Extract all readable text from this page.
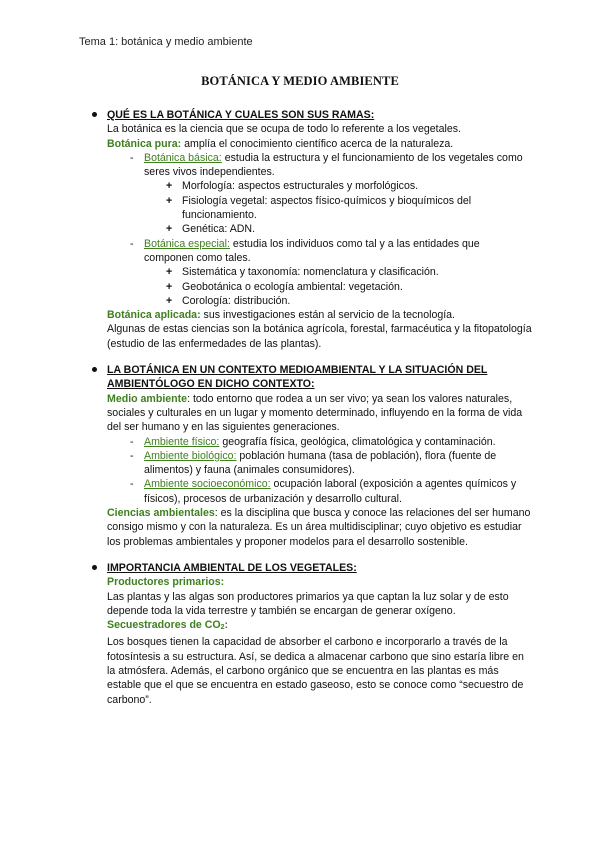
Tema 1: botánica y medio ambiente
BOTÁNICA Y MEDIO AMBIENTE
QUÉ ES LA BOTÁNICA Y CUALES SON SUS RAMAS:
La botánica es la ciencia que se ocupa de todo lo referente a los vegetales.
Botánica pura: amplía el conocimiento científico acerca de la naturaleza.
- Botánica básica: estudia la estructura y el funcionamiento de los vegetales como seres vivos independientes.
+ Morfología: aspectos estructurales y morfológicos.
+ Fisiología vegetal: aspectos físico-químicos y bioquímicos del funcionamiento.
+ Genética: ADN.
- Botánica especial: estudia los individuos como tal y a las entidades que componen como tales.
+ Sistemática y taxonomía: nomenclatura y clasificación.
+ Geobotánica o ecología ambiental: vegetación.
+ Corología: distribución.
Botánica aplicada: sus investigaciones están al servicio de la tecnología.
Algunas de estas ciencias son la botánica agrícola, forestal, farmacéutica y la fitopatología (estudio de las enfermedades de las plantas).
LA BOTÁNICA EN UN CONTEXTO MEDIOAMBIENTAL Y LA SITUACIÓN DEL AMBIENTÓLOGO EN DICHO CONTEXTO:
Medio ambiente: todo entorno que rodea a un ser vivo; ya sean los valores naturales, sociales y culturales en un lugar y momento determinado, influyendo en la forma de vida del ser humano y en las siguientes generaciones.
- Ambiente físico: geografía física, geológica, climatológica y contaminación.
- Ambiente biológico: población humana (tasa de población), flora (fuente de alimentos) y fauna (animales consumidores).
- Ambiente socioeconómico: ocupación laboral (exposición a agentes químicos y físicos), procesos de urbanización y desarrollo cultural.
Ciencias ambientales: es la disciplina que busca y conoce las relaciones del ser humano consigo mismo y con la naturaleza. Es un área multidisciplinar; cuyo objetivo es estudiar los problemas ambientales y proponer modelos para el desarrollo sostenible.
IMPORTANCIA AMBIENTAL DE LOS VEGETALES:
Productores primarios:
Las plantas y las algas son productores primarios ya que captan la luz solar y de esto depende toda la vida terrestre y también se encargan de generar oxígeno.
Secuestradores de $CO_2$:
Los bosques tienen la capacidad de absorber el carbono e incorporarlo a través de la fotosíntesis a su estructura. Así, se dedica a almacenar carbono que sino estaría libre en la atmósfera. Además, el carbono orgánico que se encuentra en las plantas es más estable que el que se encuentra en estado gaseoso, esto se conoce como “secuestro de carbono”.
